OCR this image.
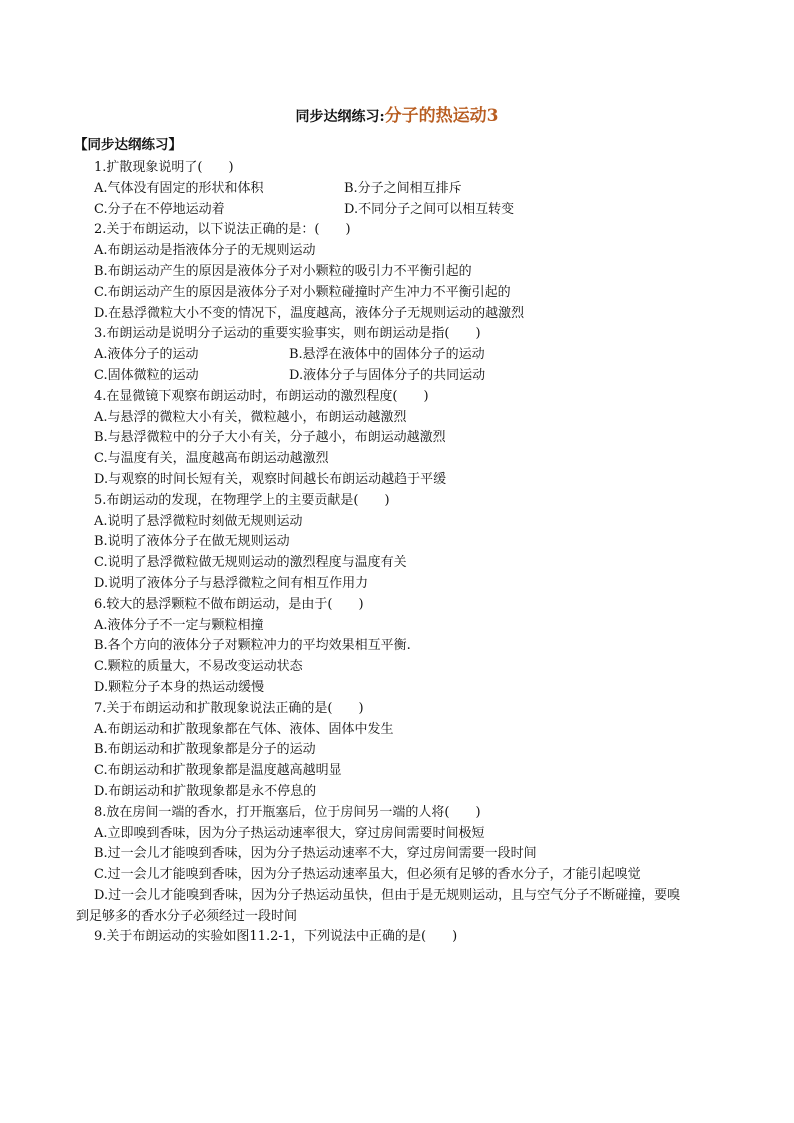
同步达纲练习:分子的热运动3
【同步达纲练习】
1.扩散现象说明了(　　)
A.气体没有固定的形状和体积	B.分子之间相互排斥
C.分子在不停地运动着	D.不同分子之间可以相互转变
2.关于布朗运动，以下说法正确的是：(　　)
A.布朗运动是指液体分子的无规则运动
B.布朗运动产生的原因是液体分子对小颗粒的吸引力不平衡引起的
C.布朗运动产生的原因是液体分子对小颗粒碰撞时产生冲力不平衡引起的
D.在悬浮微粒大小不变的情况下，温度越高，液体分子无规则运动的越激烈
3.布朗运动是说明分子运动的重要实验事实，则布朗运动是指(　　)
A.液体分子的运动	B.悬浮在液体中的固体分子的运动
C.固体微粒的运动	D.液体分子与固体分子的共同运动
4.在显微镜下观察布朗运动时，布朗运动的激烈程度(　　)
A.与悬浮的微粒大小有关，微粒越小，布朗运动越激烈
B.与悬浮微粒中的分子大小有关，分子越小，布朗运动越激烈
C.与温度有关，温度越高布朗运动越激烈
D.与观察的时间长短有关，观察时间越长布朗运动越趋于平缓
5.布朗运动的发现，在物理学上的主要贡献是(　　)
A.说明了悬浮微粒时刻做无规则运动
B.说明了液体分子在做无规则运动
C.说明了悬浮微粒做无规则运动的激烈程度与温度有关
D.说明了液体分子与悬浮微粒之间有相互作用力
6.较大的悬浮颗粒不做布朗运动，是由于(　　)
A.液体分子不一定与颗粒相撞
B.各个方向的液体分子对颗粒冲力的平均效果相互平衡.
C.颗粒的质量大，不易改变运动状态
D.颗粒分子本身的热运动缓慢
7.关于布朗运动和扩散现象说法正确的是(　　)
A.布朗运动和扩散现象都在气体、液体、固体中发生
B.布朗运动和扩散现象都是分子的运动
C.布朗运动和扩散现象都是温度越高越明显
D.布朗运动和扩散现象都是永不停息的
8.放在房间一端的香水，打开瓶塞后，位于房间另一端的人将(　　)
A.立即嗅到香味，因为分子热运动速率很大，穿过房间需要时间极短
B.过一会儿才能嗅到香味，因为分子热运动速率不大，穿过房间需要一段时间
C.过一会儿才能嗅到香味，因为分子热运动速率虽大，但必须有足够的香水分子，才能引起嗅觉
D.过一会儿才能嗅到香味，因为分子热运动虽快，但由于是无规则运动，且与空气分子不断碰撞，要嗅
到足够多的香水分子必须经过一段时间
9.关于布朗运动的实验如图11.2-1，下列说法中正确的是(　　)
